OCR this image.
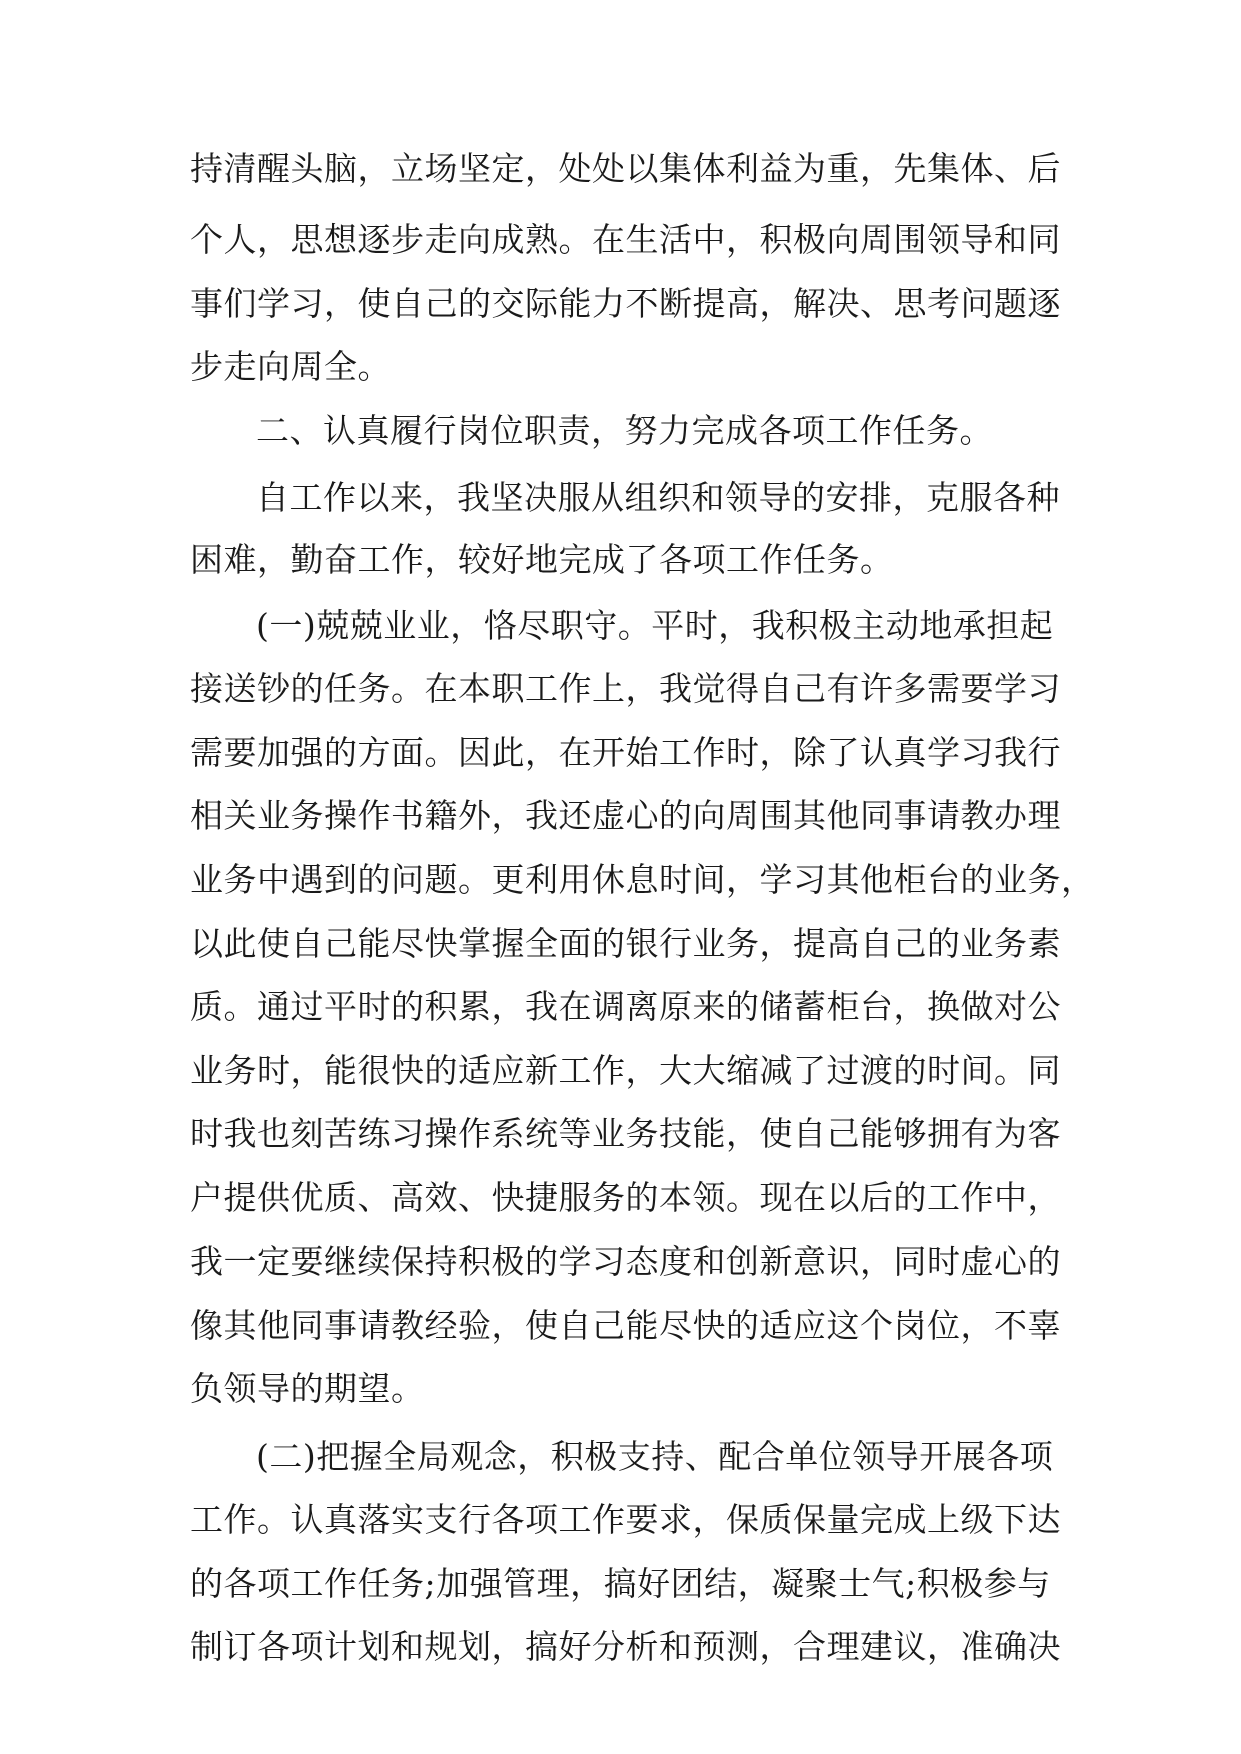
持清醒头脑，立场坚定，处处以集体利益为重，先集体、后
个人，思想逐步走向成熟。在生活中，积极向周围领导和同
事们学习，使自己的交际能力不断提高，解决、思考问题逐
步走向周全。
二、认真履行岗位职责，努力完成各项工作任务。
自工作以来，我坚决服从组织和领导的安排，克服各种
困难，勤奋工作，较好地完成了各项工作任务。
(一)兢兢业业，恪尽职守。平时，我积极主动地承担起
接送钞的任务。在本职工作上，我觉得自己有许多需要学习
需要加强的方面。因此，在开始工作时，除了认真学习我行
相关业务操作书籍外，我还虚心的向周围其他同事请教办理
业务中遇到的问题。更利用休息时间，学习其他柜台的业务，
以此使自己能尽快掌握全面的银行业务，提高自己的业务素
质。通过平时的积累，我在调离原来的储蓄柜台，换做对公
业务时，能很快的适应新工作，大大缩减了过渡的时间。同
时我也刻苦练习操作系统等业务技能，使自己能够拥有为客
户提供优质、高效、快捷服务的本领。现在以后的工作中，
我一定要继续保持积极的学习态度和创新意识，同时虚心的
像其他同事请教经验，使自己能尽快的适应这个岗位，不辜
负领导的期望。
(二)把握全局观念，积极支持、配合单位领导开展各项
工作。认真落实支行各项工作要求，保质保量完成上级下达
的各项工作任务;加强管理，搞好团结，凝聚士气;积极参与
制订各项计划和规划，搞好分析和预测，合理建议，准确决
